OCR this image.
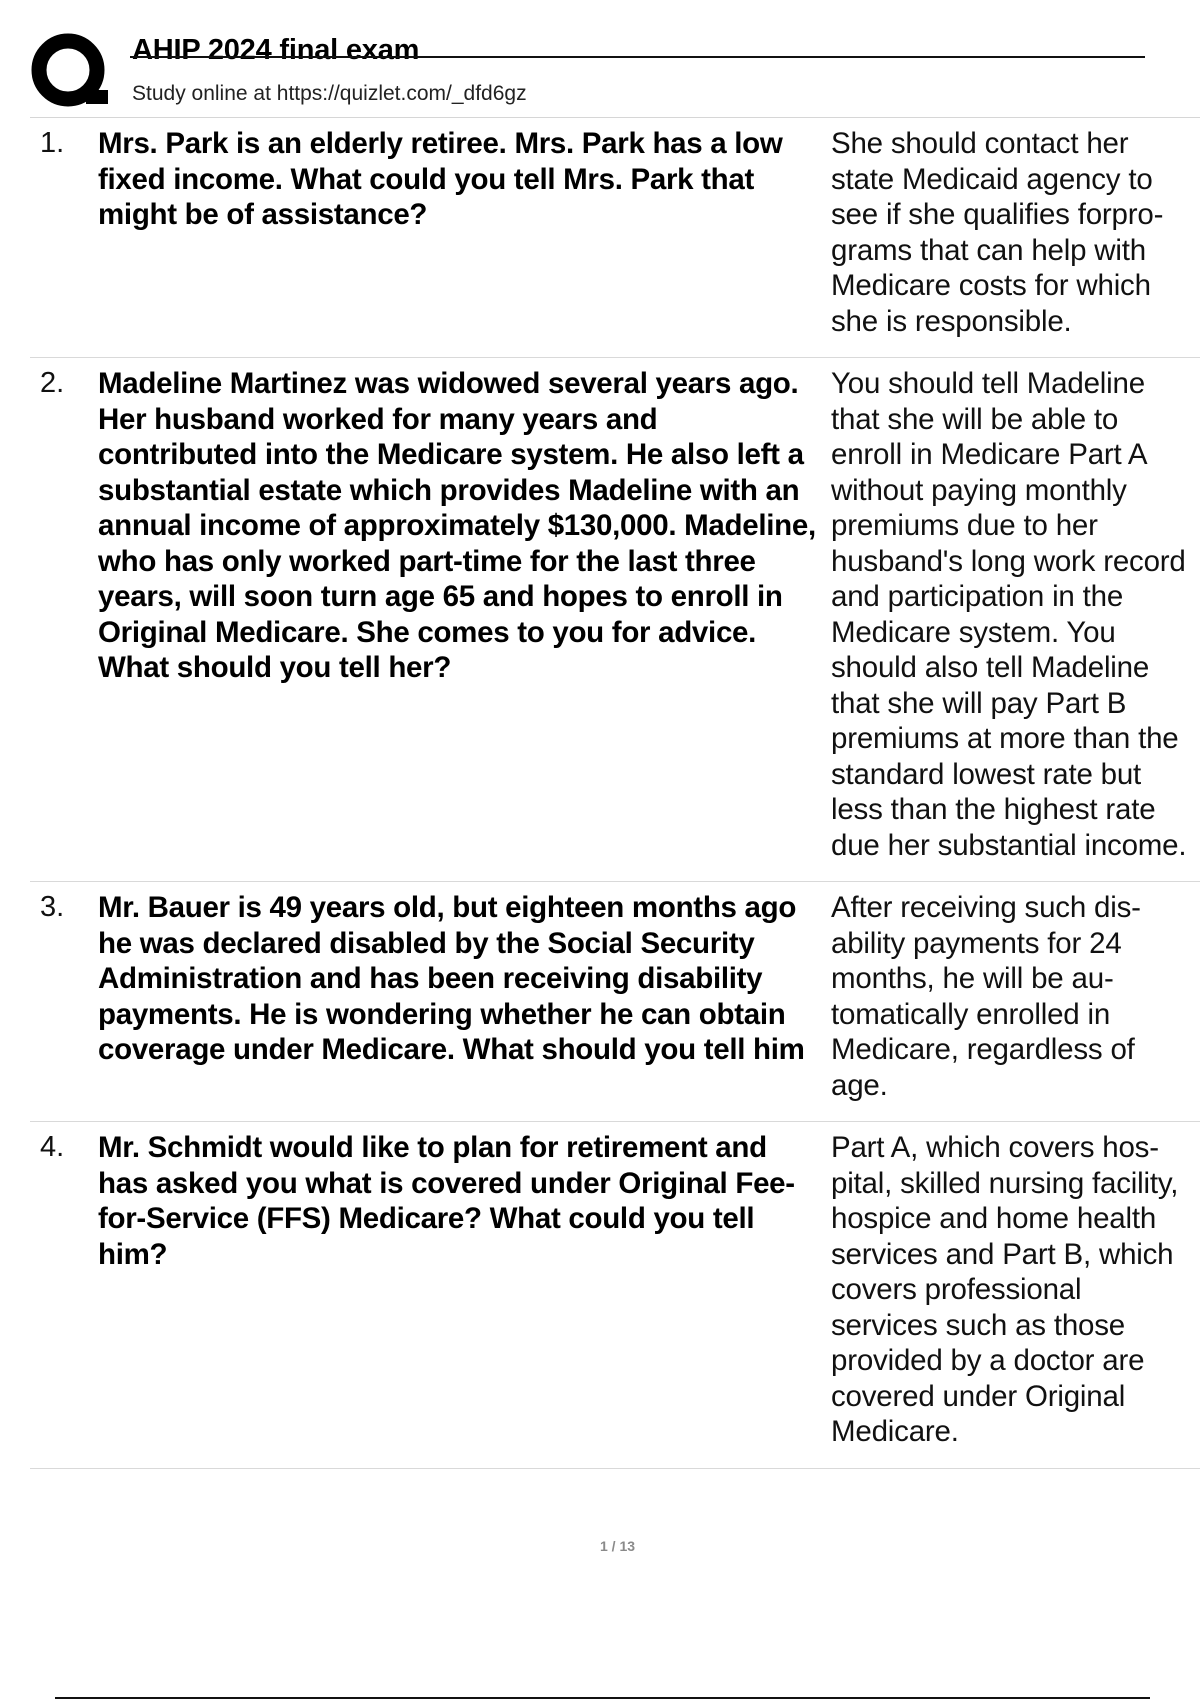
AHIP 2024 final exam
Study online at https://quizlet.com/_dfd6gz
1.	Mrs. Park is an elderly retiree. Mrs. Park has a low fixed income. What could you tell Mrs. Park that might be of assistance?
She should contact her state Medicaid agency to see if she qualifies forprograms that can help with Medicare costs for which she is responsible.
2.	Madeline Martinez was widowed several years ago. Her husband worked for many years and contributed into the Medicare system. He also left a substantial estate which provides Madeline with an annual income of approximately $130,000. Madeline, who has only worked part-time for the last three years, will soon turn age 65 and hopes to enroll in Original Medicare. She comes to you for advice. What should you tell her?
You should tell Madeline that she will be able to enroll in Medicare Part A without paying monthly premiums due to her husband's long work record and participation in the Medicare system. You should also tell Madeline that she will pay Part B premiums at more than the standard lowest rate but less than the highest rate due her substantial income.
3.	Mr. Bauer is 49 years old, but eighteen months ago he was declared disabled by the Social Security Administration and has been receiving disability payments. He is wondering whether he can obtain coverage under Medicare. What should you tell him
After receiving such disability payments for 24 months, he will be automatically enrolled in Medicare, regardless of age.
4.	Mr. Schmidt would like to plan for retirement and has asked you what is covered under Original Fee-for-Service (FFS) Medicare? What could you tell him?
Part A, which covers hospital, skilled nursing facility, hospice and home health services and Part B, which covers professional services such as those provided by a doctor are covered under Original Medicare.
1 / 13
